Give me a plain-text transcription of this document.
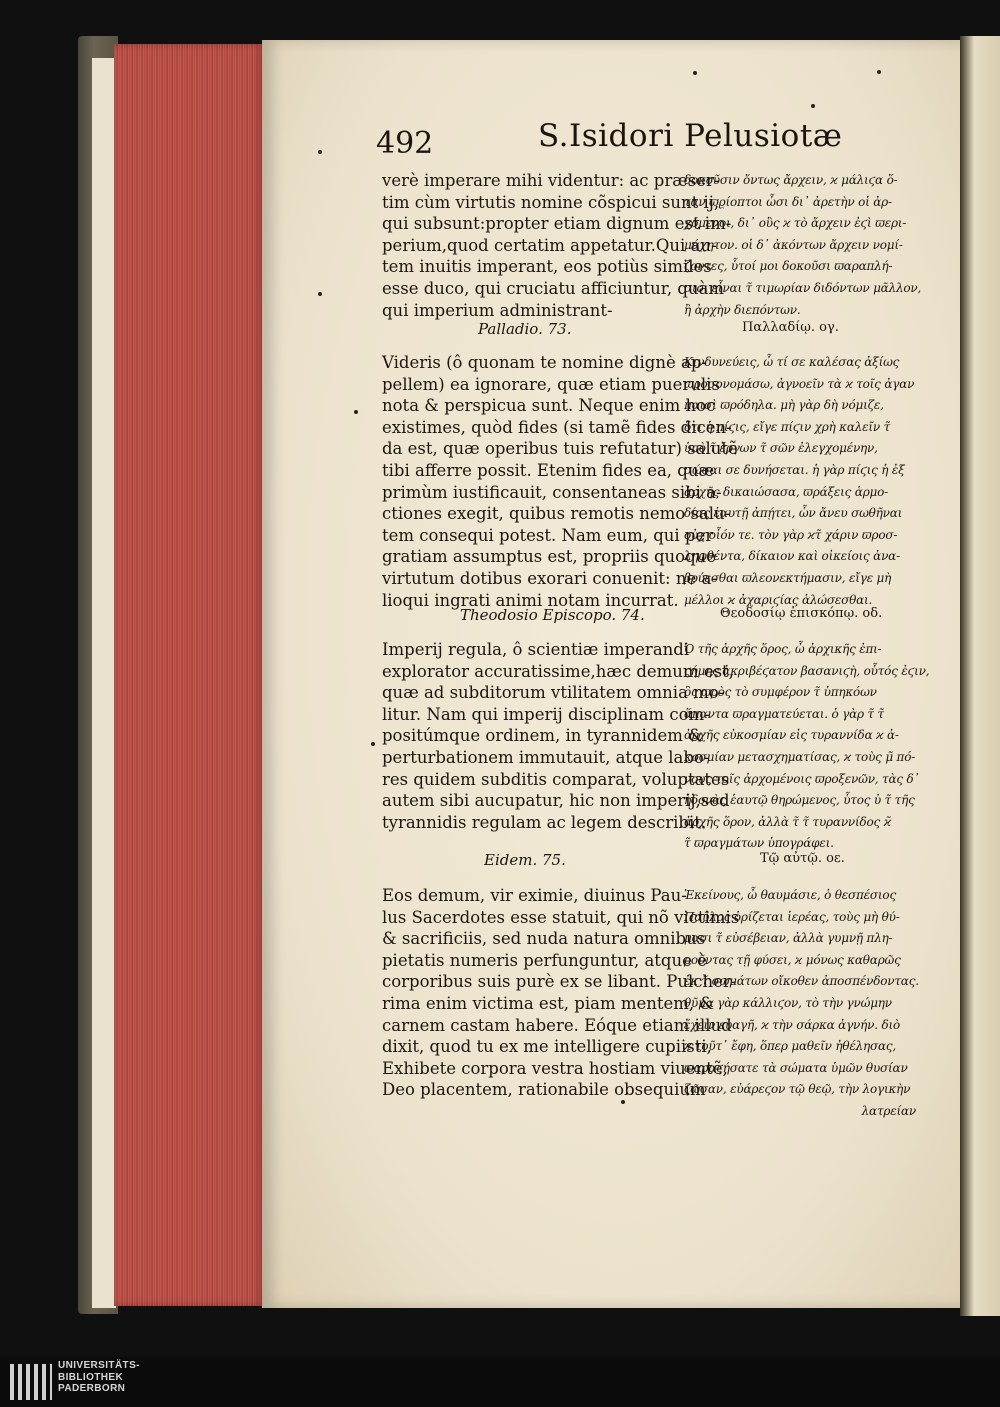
492	S.Isidori Pelusiotæ
verè imperare mihi videntur: ac præser-
tim cùm virtutis nomine cõspicui sunt ij,
qui subsunt:propter etiam dignum est im-
perium,quod certatim appetatur.Qui au-
tem inuitis imperant, eos potiùs similes
esse duco, qui cruciatu afficiuntur, quàm
qui imperium administrant-
δοκοῦσιν ὄντως ἄρχειν, ϰ μάλιϛα ὅ-
ταν ϖϱίοπτοι ὦσι δι᾽ ἀρετὴν οἱ ἀρ-
χόμενοι, δι᾽ οὓς ϰ τὸ ἄρχειν ἐϛὶ ϖερι-
μάχητον. οἱ δ᾽ ἀκόντων ἄρχειν νομί-
ζοντες, ὗτοί μοι δοκοῦσι ϖαραπλή-
σιοι εἶναι τ̃ τιμωρίαν διδόντων μᾶλλον,
ἢ ἀρχὴν διεπόντων.
Palladio. 73.	Παλλαδίῳ. ογ.
Videris (ô quonam te nomine dignè ap-
pellem) ea ignorare, quæ etiam puerulis
nota & perspicua sunt. Neque enim hoc
existimes, quòd fides (si tamẽ fides dicen-
da est, quæ operibus tuis refutatur) salutẽ
tibi afferre possit. Etenim fides ea, quæ
primùm iustificauit, consentaneas sibi a-
ctiones exegit, quibus remotis nemo salu-
tem consequi potest. Nam eum, qui per
gratiam assumptus est, propriis quoque
virtutum dotibus exorari conuenit: ne a-
lioqui ingrati animi notam incurrat.
Κινδυνεύεις, ὦ τί σε καλέσας ἀξίως
ϖροσονομάσω, ἀγνοεῖν τὰ ϰ τοῖς ἀγαν
παισὶ ϖρόδηλα. μὴ γὰρ δὴ νόμιζε,
ὅτι ἡ πίϛις, εἴγε πίϛιν χρὴ καλεῖν τ̃
ὑπὸ τ̃ ἔργων τ̃ σῶν ἐλεγχομένην,
σώσαι σε δυνήσεται. ἡ γὰρ πίϛις ἡ ἐξ
ἀρχῆς δικαιώσασα, ϖράξεις ἁρμο-
δίας ἑαυτῇ ἀπῄτει, ὧν ἄνευ σωθῆναι
οὐχ οἷόν τε. τὸν γὰρ ϰτ̃ χάριν ϖροσ-
ληφθέντα, δίκαιον καὶ οἰκείοις ἀνα-
βρύεσθαι ϖλεονεκτήμασιν, εἴγε μὴ
μέλλοι ϰ ἀχαριϛίας ἁλώσεσθαι.
Theodosio Episcopo. 74.	Θεοδοσίῳ ἐπισκόπῳ. οδ.
Imperij regula, ô scientiæ imperandi
explorator accuratissime,hæc demum est,
quæ ad subditorum vtilitatem omnia mo-
litur. Nam qui imperij disciplinam com-
positúmque ordinem, in tyrannidem &
perturbationem immutauit, atque labo-
res quidem subditis comparat, voluptates
autem sibi aucupatur, hic non imperij,sed
tyrannidis regulam ac legem describit.
Ὁ τῆς ἀρχῆς ὅρος, ὦ ἀρχικῆς ἐπι-
ϛήμης ἀκριβέϛατον βασανιϛὴ, οὗτός ἐϛιν,
ὃς ϖρὸς τὸ συμφέρον τ̃ ὑπηκόων
ἅπαντα ϖραγματεύεται. ὁ γὰρ τ̃ τ̃
ἀρχῆς εὐκοσμίαν εἰς τυραννίδα ϰ ἀ-
κοσμίαν μετασχηματίσας, ϰ τοὺς μ̃ πό-
νους τοῖς ἀρχομένοις ϖροξενῶν, τὰς δ᾽
ἡδονὰς ἑαυτῷ θηρώμενος, ὗτος ὐ τ̃ τῆς
ἀρχῆς ὅρον, ἀλλὰ τ̃ τ̃ τυραννίδος ϰ̃
τ̃ ϖραγμάτων ὑπογράφει.
Eidem. 75.	Τῷ αὐτῷ. οε.
Eos demum, vir eximie, diuinus Pau-
lus Sacerdotes esse statuit, qui nõ victimis
& sacrificiis, sed nuda natura omnibus
pietatis numeris perfunguntur, atque è
corporibus suis purè ex se libant. Pulcher-
rima enim victima est, piam mentem, &
carnem castam habere. Eóque etiam illud
dixit, quod tu ex me intelligere cupiisti,
Exhibete corpora vestra hostiam viuentẽ,
Deo placentem, rationabile obsequium
Ἐκείνους, ὦ θαυμάσιε, ὁ θεσπέσιος
Παῦλος ὁρίζεται ἱερέας, τοὺς μὴ θύ-
μασι τ̃ εὐσέβειαν, ἀλλὰ γυμνῇ πλη-
ροῦντας τῇ φύσει, ϰ μόνως καθαρῶς
ἐκ τ̃ σωμάτων οἴκοθεν ἀποσπένδοντας.
θῦμα γὰρ κάλλιϛον, τὸ τὴν γνώμην
ἔχειν εὐαγῆ, ϰ τὴν σάρκα ἁγνήν. διὸ
ϰ τοῦτ᾽ ἔφη, ὅπερ μαθεῖν ἠθέλησας,
ϖαραϛήσατε τὰ σώματα ὑμῶν θυσίαν
ζῶσαν, εὐάρεϛον τῷ θεῷ, τὴν λογικὴν
λατρείαν
UNIVERSITÄTS-
BIBLIOTHEK
PADERBORN
